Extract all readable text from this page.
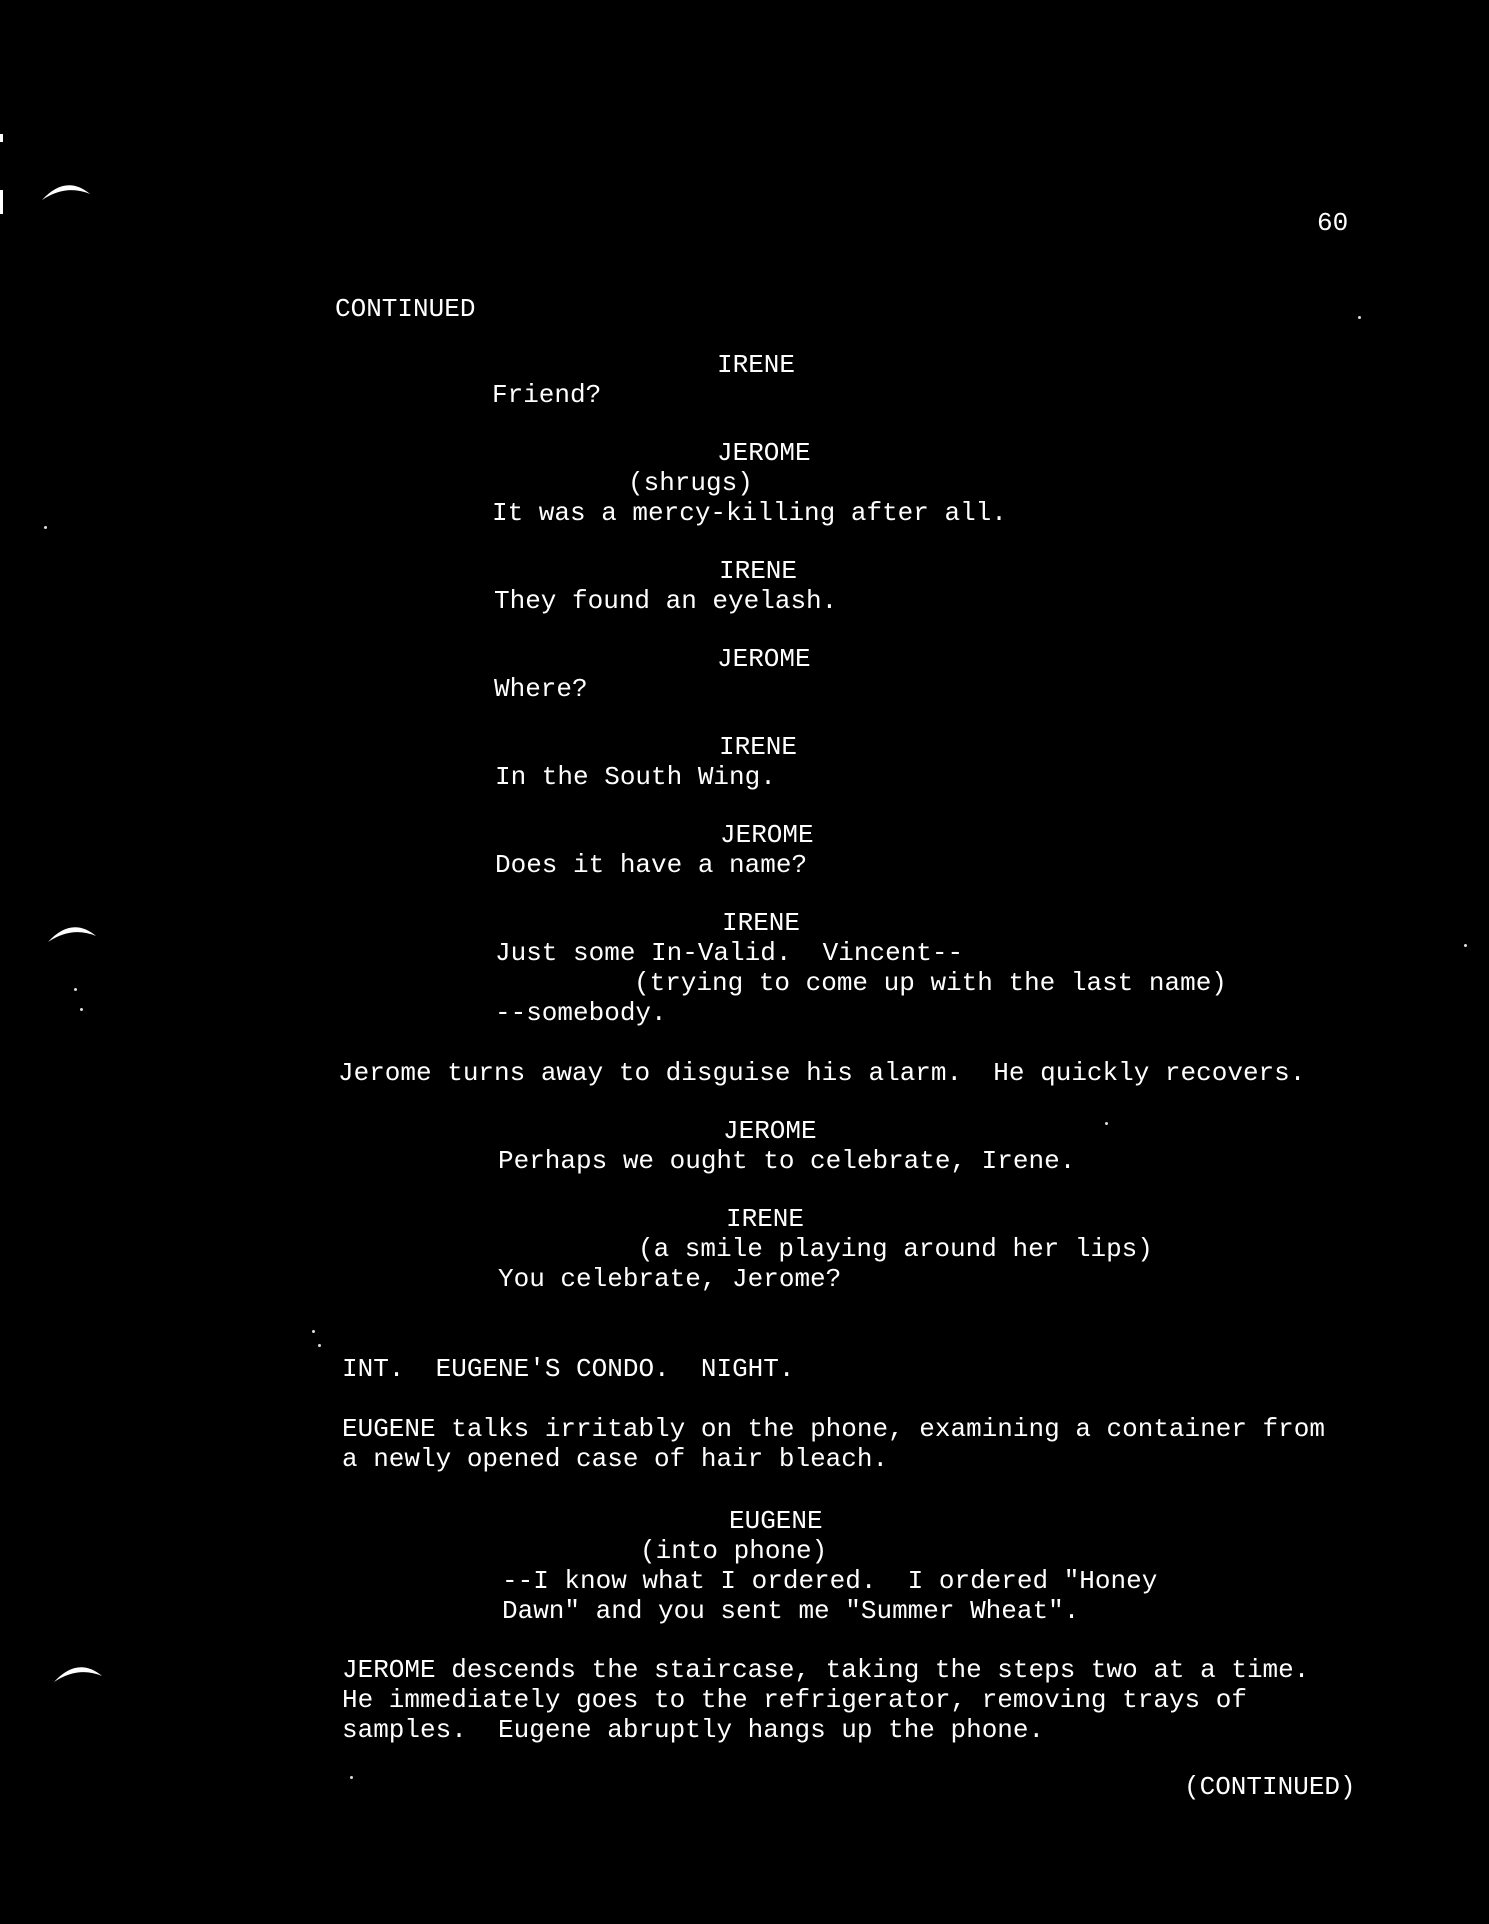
60
CONTINUED
IRENE
Friend?
JEROME
(shrugs)
It was a mercy-killing after all.
IRENE
They found an eyelash.
JEROME
Where?
IRENE
In the South Wing.
JEROME
Does it have a name?
IRENE
Just some In-Valid.  Vincent--
(trying to come up with the last name)
--somebody.
Jerome turns away to disguise his alarm.  He quickly recovers.
JEROME
Perhaps we ought to celebrate, Irene.
IRENE
(a smile playing around her lips)
You celebrate, Jerome?
INT.  EUGENE'S CONDO.  NIGHT.
EUGENE talks irritably on the phone, examining a container from
a newly opened case of hair bleach.
EUGENE
(into phone)
--I know what I ordered.  I ordered "Honey
Dawn" and you sent me "Summer Wheat".
JEROME descends the staircase, taking the steps two at a time.
He immediately goes to the refrigerator, removing trays of
samples.  Eugene abruptly hangs up the phone.
(CONTINUED)
